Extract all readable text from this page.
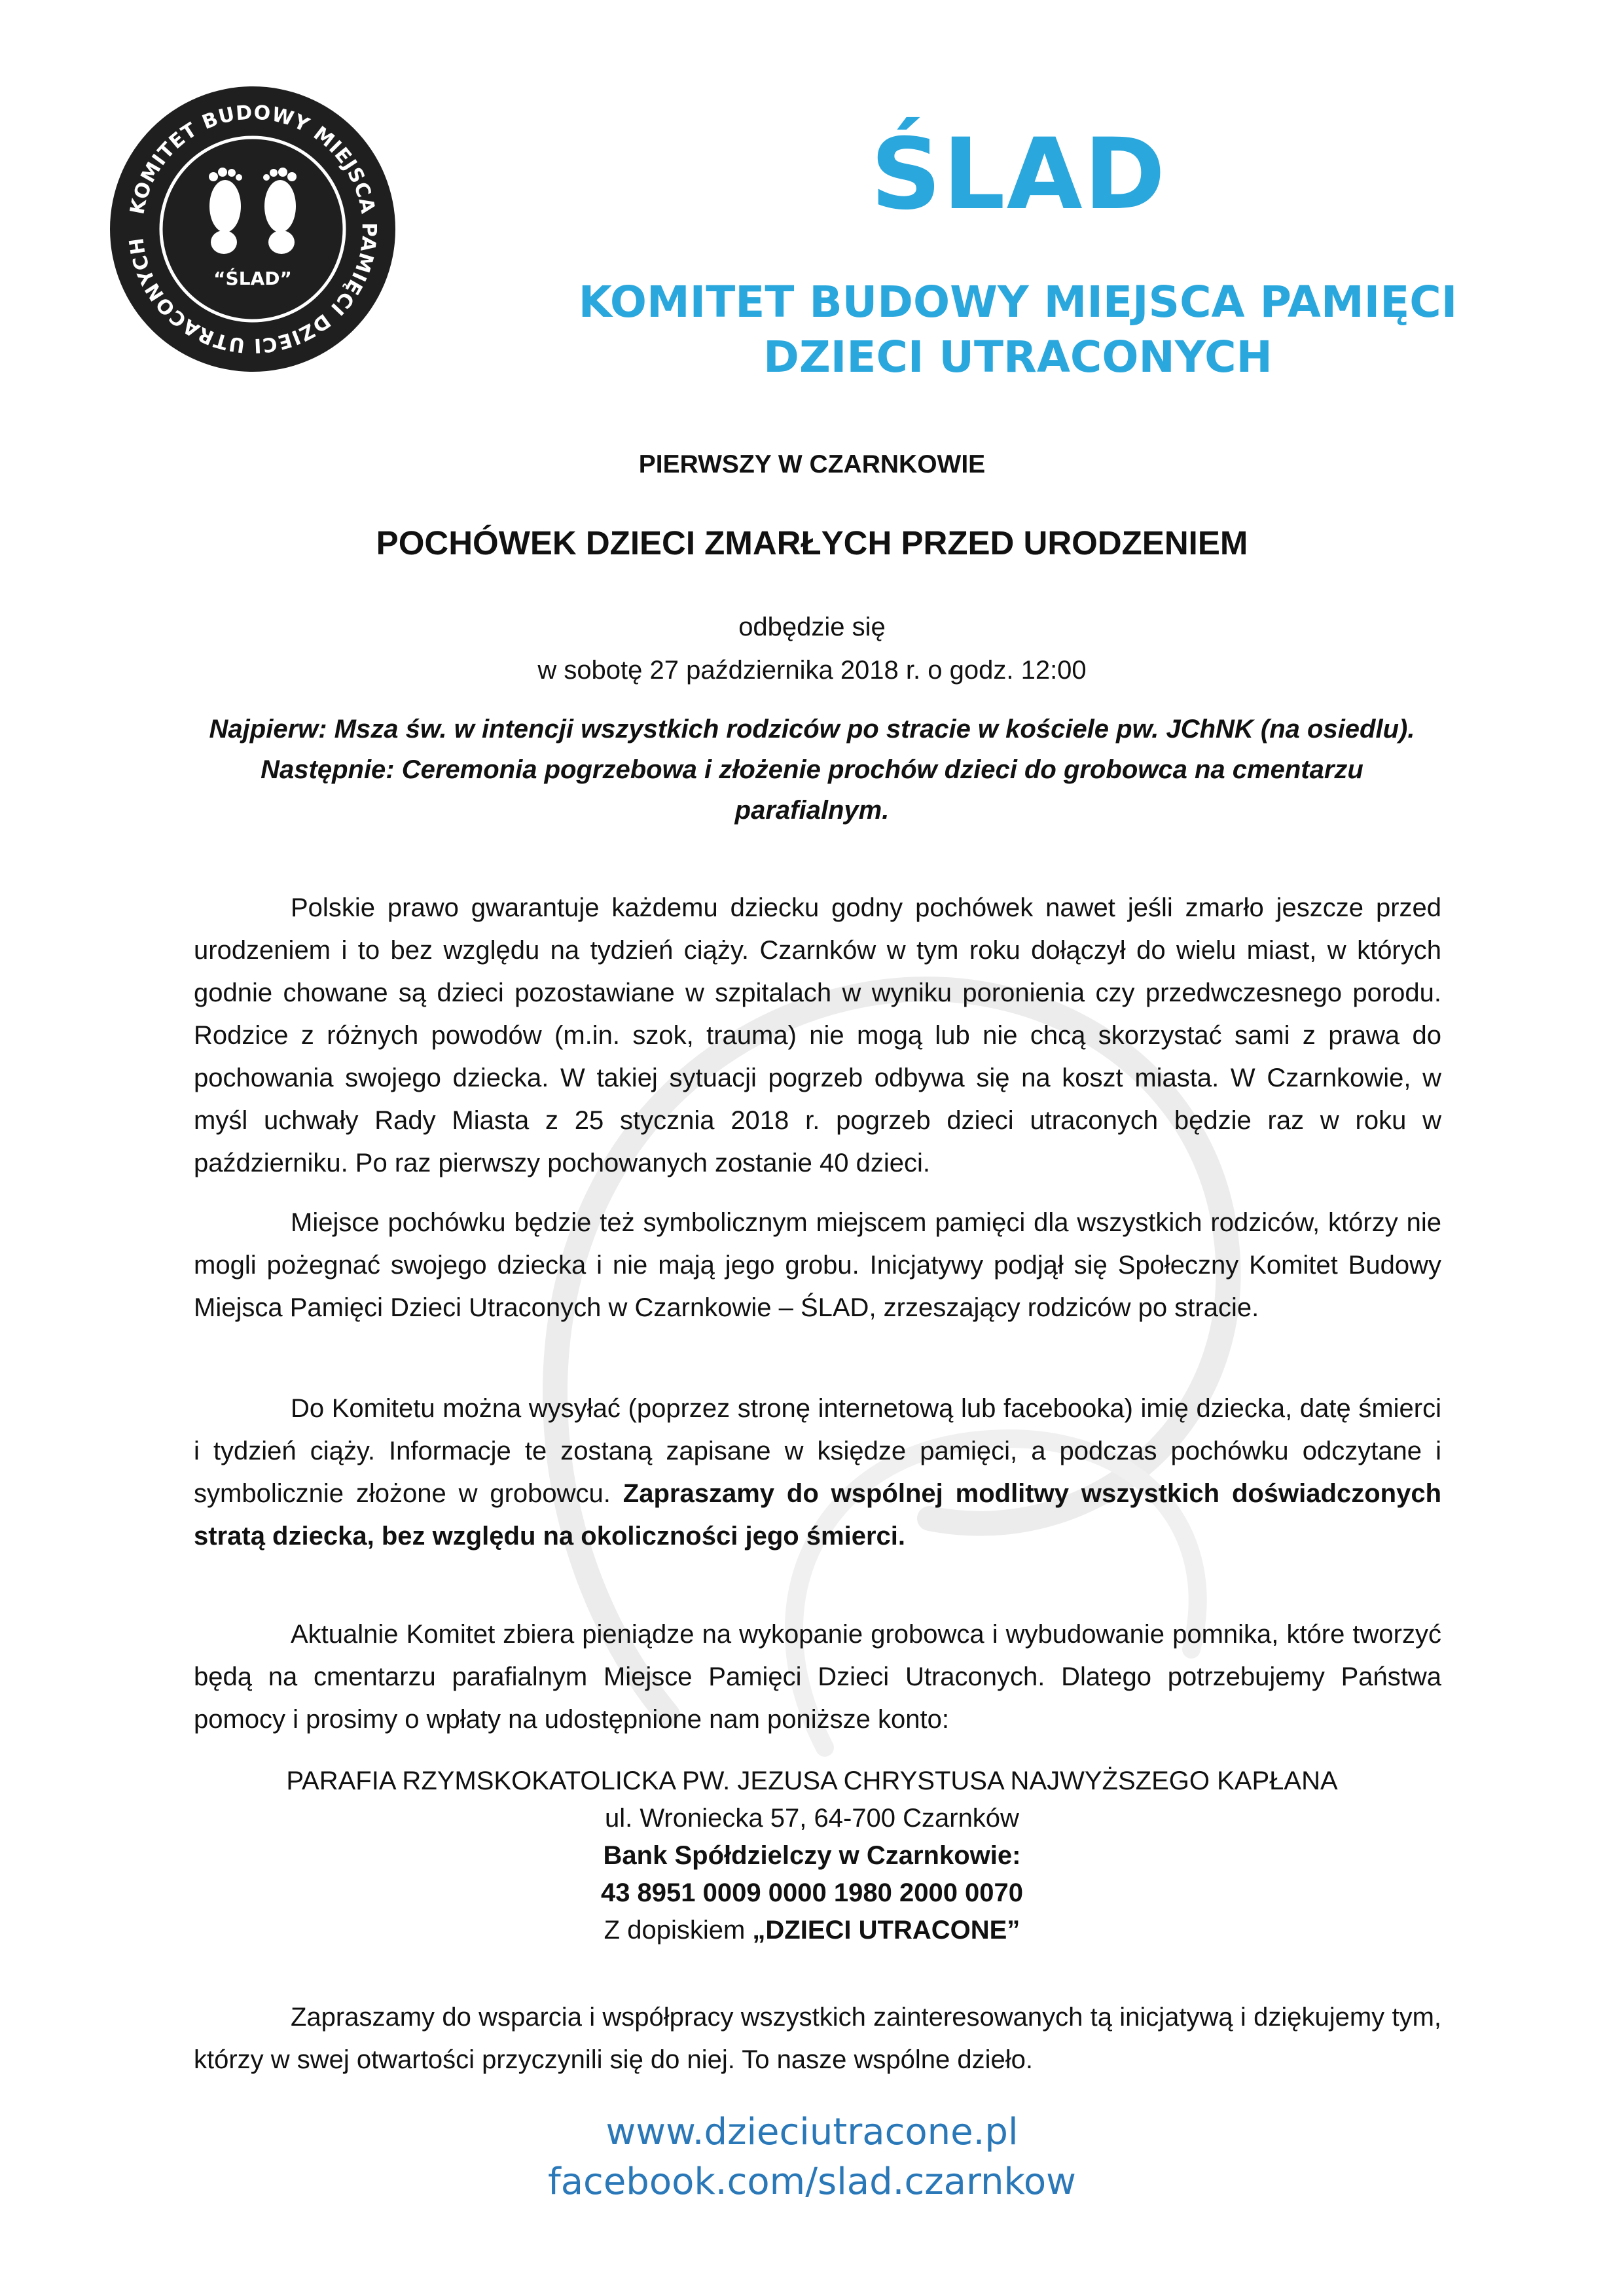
KOMITET BUDOWY MIEJSCA PAMIĘCI DZIECI UTRACONYCH
“ŚLAD”
ŚLAD
KOMITET BUDOWY MIEJSCA PAMIĘCI
DZIECI UTRACONYCH
PIERWSZY W CZARNKOWIE
POCHÓWEK DZIECI ZMARŁYCH PRZED URODZENIEM
odbędzie się
w sobotę 27 października 2018 r. o godz. 12:00
Najpierw: Msza św. w intencji wszystkich rodziców po stracie w kościele pw. JChNK (na osiedlu).
Następnie: Ceremonia pogrzebowa i złożenie prochów dzieci do grobowca na cmentarzu
parafialnym.
Polskie prawo gwarantuje każdemu dziecku godny pochówek nawet jeśli zmarło jeszcze przed urodzeniem i to bez względu na tydzień ciąży. Czarnków w tym roku dołączył do wielu miast, w których godnie chowane są dzieci pozostawiane w szpitalach w wyniku poronienia czy przedwczesnego porodu. Rodzice z różnych powodów (m.in. szok, trauma) nie mogą lub nie chcą skorzystać sami z prawa do pochowania swojego dziecka. W takiej sytuacji pogrzeb odbywa się na koszt miasta. W Czarnkowie, w myśl uchwały Rady Miasta z 25 stycznia 2018 r. pogrzeb dzieci utraconych będzie raz w roku w październiku. Po raz pierwszy pochowanych zostanie 40 dzieci.
Miejsce pochówku będzie też symbolicznym miejscem pamięci dla wszystkich rodziców, którzy nie mogli pożegnać swojego dziecka i nie mają jego grobu. Inicjatywy podjął się Społeczny Komitet Budowy Miejsca Pamięci Dzieci Utraconych w Czarnkowie – ŚLAD, zrzeszający rodziców po stracie.
Do Komitetu można wysyłać (poprzez stronę internetową lub facebooka) imię dziecka, datę śmierci i tydzień ciąży. Informacje te zostaną zapisane w księdze pamięci, a podczas pochówku odczytane i symbolicznie złożone w grobowcu. Zapraszamy do wspólnej modlitwy wszystkich doświadczonych stratą dziecka, bez względu na okoliczności jego śmierci.
Aktualnie Komitet zbiera pieniądze na wykopanie grobowca i wybudowanie pomnika, które tworzyć będą na cmentarzu parafialnym Miejsce Pamięci Dzieci Utraconych. Dlatego potrzebujemy Państwa pomocy i prosimy o wpłaty na udostępnione nam poniższe konto:
PARAFIA RZYMSKOKATOLICKA PW. JEZUSA CHRYSTUSA NAJWYŻSZEGO KAPŁANA
ul. Wroniecka 57, 64-700 Czarnków
Bank Spółdzielczy w Czarnkowie:
43 8951 0009 0000 1980 2000 0070
Z dopiskiem „DZIECI UTRACONE”
Zapraszamy do wsparcia i współpracy wszystkich zainteresowanych tą inicjatywą i dziękujemy tym, którzy w swej otwartości przyczynili się do niej. To nasze wspólne dzieło.
www.dzieciutracone.pl
facebook.com/slad.czarnkow
